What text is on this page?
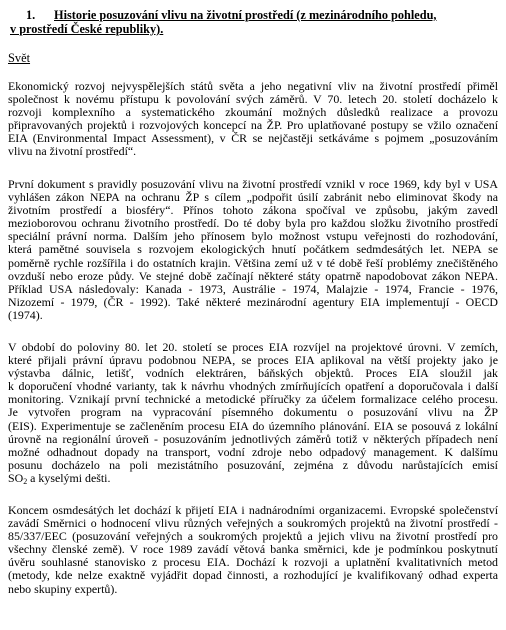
1. Historie posuzování vlivu na životní prostředí (z mezinárodního pohledu,
v prostředí České republiky).
Svět
Ekonomický rozvoj nejvyspělejších států světa a jeho negativní vliv na životní prostředí přiměl
společnost k novému přístupu k povolování svých záměrů. V 70. letech 20. století docházelo k
rozvoji komplexního a systematického zkoumání možných důsledků realizace a provozu
připravovaných projektů i rozvojových koncepcí na ŽP. Pro uplatňované postupy se vžilo označení
EIA (Environmental Impact Assessment), v ČR se nejčastěji setkáváme s pojmem „posuzováním
vlivu na životní prostředí“.
První dokument s pravidly posuzování vlivu na životní prostředí vznikl v roce 1969, kdy byl v USA
vyhlášen zákon NEPA na ochranu ŽP s cílem „podpořit úsilí zabránit nebo eliminovat škody na
životním prostředí a biosféry“. Přínos tohoto zákona spočíval ve způsobu, jakým zavedl
mezioborovou ochranu životního prostředí. Do té doby byla pro každou složku životního prostředí
speciální právní norma. Dalším jeho přínosem bylo možnost vstupu veřejnosti do rozhodování,
která pamětné souvisela s rozvojem ekologických hnutí počátkem sedmdesátých let. NEPA se
poměrně rychle rozšířila i do ostatních krajin. Většina zemí už v té době řeší problémy znečištěného
ovzduší nebo eroze půdy. Ve stejné době začínají některé státy opatrně napodobovat zákon NEPA.
Příklad USA následovaly: Kanada - 1973, Austrálie - 1974, Malajzie - 1974, Francie - 1976,
Nizozemí - 1979, (ČR - 1992). Také některé mezinárodní agentury EIA implementují - OECD
(1974).
V období do poloviny 80. let 20. století se proces EIA rozvíjel na projektové úrovni. V zemích,
které přijali právní úpravu podobnou NEPA, se proces EIA aplikoval na větší projekty jako je
výstavba dálnic, letišť, vodních elektráren, báňských objektů. Proces EIA sloužil jak
k doporučení vhodné varianty, tak k návrhu vhodných zmírňujících opatření a doporučovala i další
monitoring. Vznikají první technické a metodické příručky za účelem formalizace celého procesu.
Je vytvořen program na vypracování písemného dokumentu o posuzování vlivu na ŽP
(EIS). Experimentuje se začleněním procesu EIA do územního plánování. EIA se posouvá z lokální
úrovně na regionální úroveň - posuzováním jednotlivých záměrů totiž v některých případech není
možné odhadnout dopady na transport, vodní zdroje nebo odpadový management. K dalšímu
posunu docházelo na poli mezistátního posuzování, zejména z důvodu narůstajících emisí
$SO_2$ a kyselými dešti.
Koncem osmdesátých let dochází k přijetí EIA i nadnárodními organizacemi. Evropské společenství
zavádí Směrnici o hodnocení vlivu různých veřejných a soukromých projektů na životní prostředí -
85/337/EEC (posuzování veřejných a soukromých projektů a jejich vlivu na životní prostředí pro
všechny členské země). V roce 1989 zavádí větová banka směrnici, kde je podmínkou poskytnutí
úvěru souhlasné stanovisko z procesu EIA. Dochází k rozvoji a uplatnění kvalitativních metod
(metody, kde nelze exaktně vyjádřit dopad činnosti, a rozhodující je kvalifikovaný odhad experta
nebo skupiny expertů).
